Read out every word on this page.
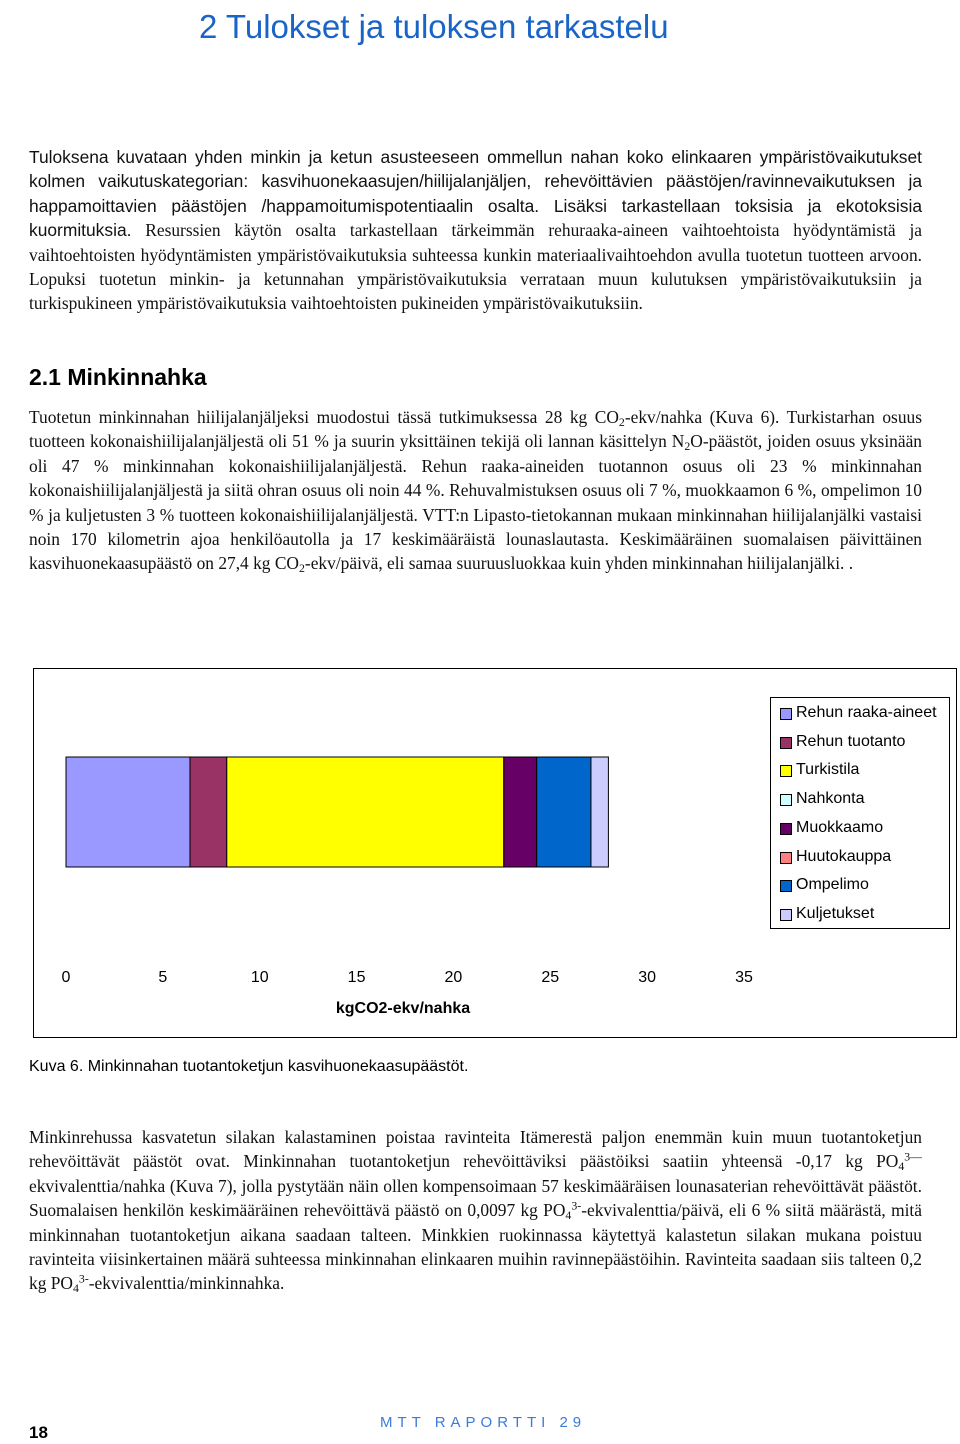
2 Tulokset ja tuloksen tarkastelu

Tuloksena kuvataan yhden minkin ja ketun asusteeseen ommellun nahan koko elinkaaren ympäristövaikutukset kolmen vaikutuskategorian: kasvihuonekaasujen/hiilijalanjäljen, rehevöittävien päästöjen/ravinnevaikutuksen ja happamoittavien päästöjen /happamoitumispotentiaalin osalta. Lisäksi tarkastellaan toksisia ja ekotoksisia kuormituksia. Resurssien käytön osalta tarkastellaan tärkeimmän rehuraaka-aineen vaihtoehtoista hyödyntämistä ja vaihtoehtoisten hyödyntämisten ympäristövaikutuksia suhteessa kunkin materiaalivaihtoehdon avulla tuotetun tuotteen arvoon. Lopuksi tuotetun minkin- ja ketunnahan ympäristövaikutuksia verrataan muun kulutuksen ympäristövaikutuksiin ja turkispukineen ympäristövaikutuksia vaihtoehtoisten pukineiden ympäristövaikutuksiin.

2.1 Minkinnahka

Tuotetun minkinnahan hiilijalanjäljeksi muodostui tässä tutkimuksessa 28 kg $CO_2-ekv$/nahka (Kuva 6). Turkistarhan osuus tuotteen kokonaishiilijalanjäljestä oli 51 % ja suurin yksittäinen tekijä oli lannan käsittelyn $N_2O$-päästöt, joiden osuus yksinään oli 47 % minkinnahan kokonaishiilijalanjäljestä. Rehun raaka-aineiden tuotannon osuus oli 23 % minkinnahan kokonaishiilijalanjäljestä ja siitä ohran osuus oli noin 44 %. Rehuvalmistuksen osuus oli 7 %, muokkaamon 6 %, ompelimon 10 % ja kuljetusten 3 % tuotteen kokonaishiilijalanjäljestä. VTT:n Lipasto-tietokannan mukaan minkinnahan hiilijalanjälki vastaisi noin 170 kilometrin ajoa henkilöautolla ja 17 keskimääräistä lounaslautasta. Keskimääräinen suomalaisen päivittäinen kasvihuonekaasupäästö on 27,4 kg $CO_2-ekv$/päivä, eli samaa suuruusluokkaa kuin yhden minkinnahan hiilijalanjälki. .

0	5	10	15	20	25	30	35
kgCO2-ekv/nahka
Rehun raaka-aineet
Rehun tuotanto
Turkistila
Nahkonta
Muokkaamo
Huutokauppa
Ompelimo
Kuljetukset
Kuva 6. Minkinnahan tuotantoketjun kasvihuonekaasupäästöt.

Minkinrehussa kasvatetun silakan kalastaminen poistaa ravinteita Itämerestä paljon enemmän kuin muun tuotantoketjun rehevöittävät päästöt ovat. Minkinnahan tuotantoketjun rehevöittäviksi päästöiksi saatiin yhteensä -0,17 kg $PO_4^{3—}$ ekvivalenttia/nahka (Kuva 7), jolla pystytään näin ollen kompensoimaan 57 keskimääräisen lounasaterian rehevöittävät päästöt. Suomalaisen henkilön keskimääräinen rehevöittävä päästö on 0,0097 kg $PO_4^{3-}-ekvivalenttia$/päivä, eli 6 % siitä määrästä, mitä minkinnahan tuotantoketjun aikana saadaan talteen. Minkkien ruokinnassa käytettyä kalastetun silakan mukana poistuu ravinteita viisinkertainen määrä suhteessa minkinnahan elinkaaren muihin ravinnepäästöihin. Ravinteita saadaan siis talteen 0,2 kg $PO_4^{3-}-ekvivalenttia$/minkinnahka.

18
MTT RAPORTTI 29
